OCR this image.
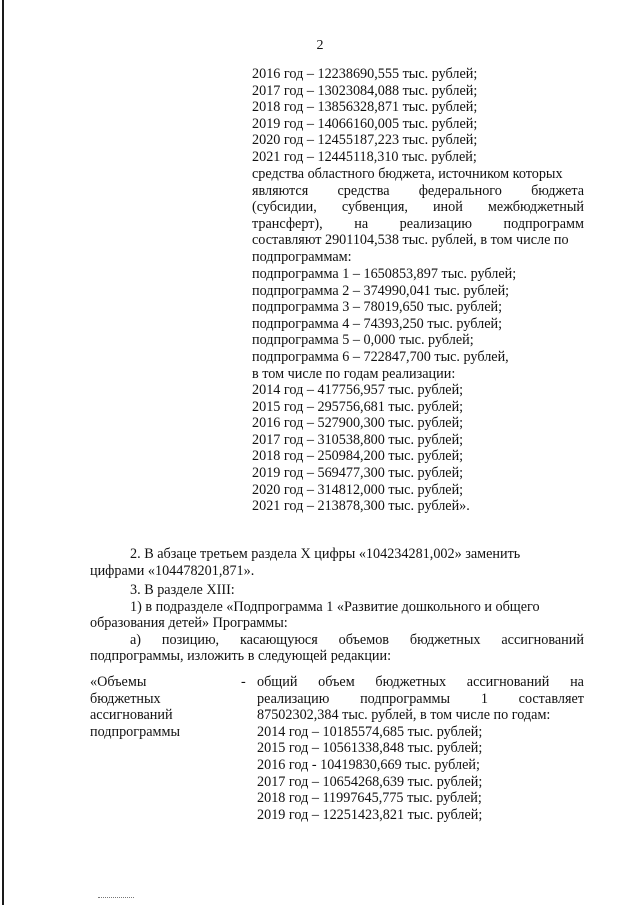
2
2016 год – 12238690,555 тыс. рублей;
2017 год – 13023084,088 тыс. рублей;
2018 год – 13856328,871 тыс. рублей;
2019 год – 14066160,005 тыс. рублей;
2020 год – 12455187,223 тыс. рублей;
2021 год – 12445118,310 тыс. рублей;
средства областного бюджета, источником которых
являются средства федерального бюджета
(субсидии, субвенция, иной межбюджетный
трансферт), на реализацию подпрограмм
составляют 2901104,538 тыс. рублей, в том числе по
подпрограммам:
подпрограмма 1 – 1650853,897 тыс. рублей;
подпрограмма 2 – 374990,041 тыс. рублей;
подпрограмма 3 – 78019,650 тыс. рублей;
подпрограмма 4 – 74393,250 тыс. рублей;
подпрограмма 5 – 0,000 тыс. рублей;
подпрограмма 6 – 722847,700 тыс. рублей,
в том числе по годам реализации:
2014 год – 417756,957 тыс. рублей;
2015 год – 295756,681 тыс. рублей;
2016 год – 527900,300 тыс. рублей;
2017 год – 310538,800 тыс. рублей;
2018 год – 250984,200 тыс. рублей;
2019 год – 569477,300 тыс. рублей;
2020 год – 314812,000 тыс. рублей;
2021 год – 213878,300 тыс. рублей».
2. В абзаце третьем раздела X цифры «104234281,002» заменить
цифрами «104478201,871».
3. В разделе XIII:
1) в подразделе «Подпрограмма 1 «Развитие дошкольного и общего
образования детей» Программы:
а) позицию, касающуюся объемов бюджетных ассигнований
подпрограммы, изложить в следующей редакции:
«Объемы
бюджетных
ассигнований
подпрограммы
- общий объем бюджетных ассигнований на
реализацию подпрограммы 1 составляет
87502302,384 тыс. рублей, в том числе по годам:
2014 год – 10185574,685 тыс. рублей;
2015 год – 10561338,848 тыс. рублей;
2016 год - 10419830,669 тыс. рублей;
2017 год – 10654268,639 тыс. рублей;
2018 год – 11997645,775 тыс. рублей;
2019 год – 12251423,821 тыс. рублей;
